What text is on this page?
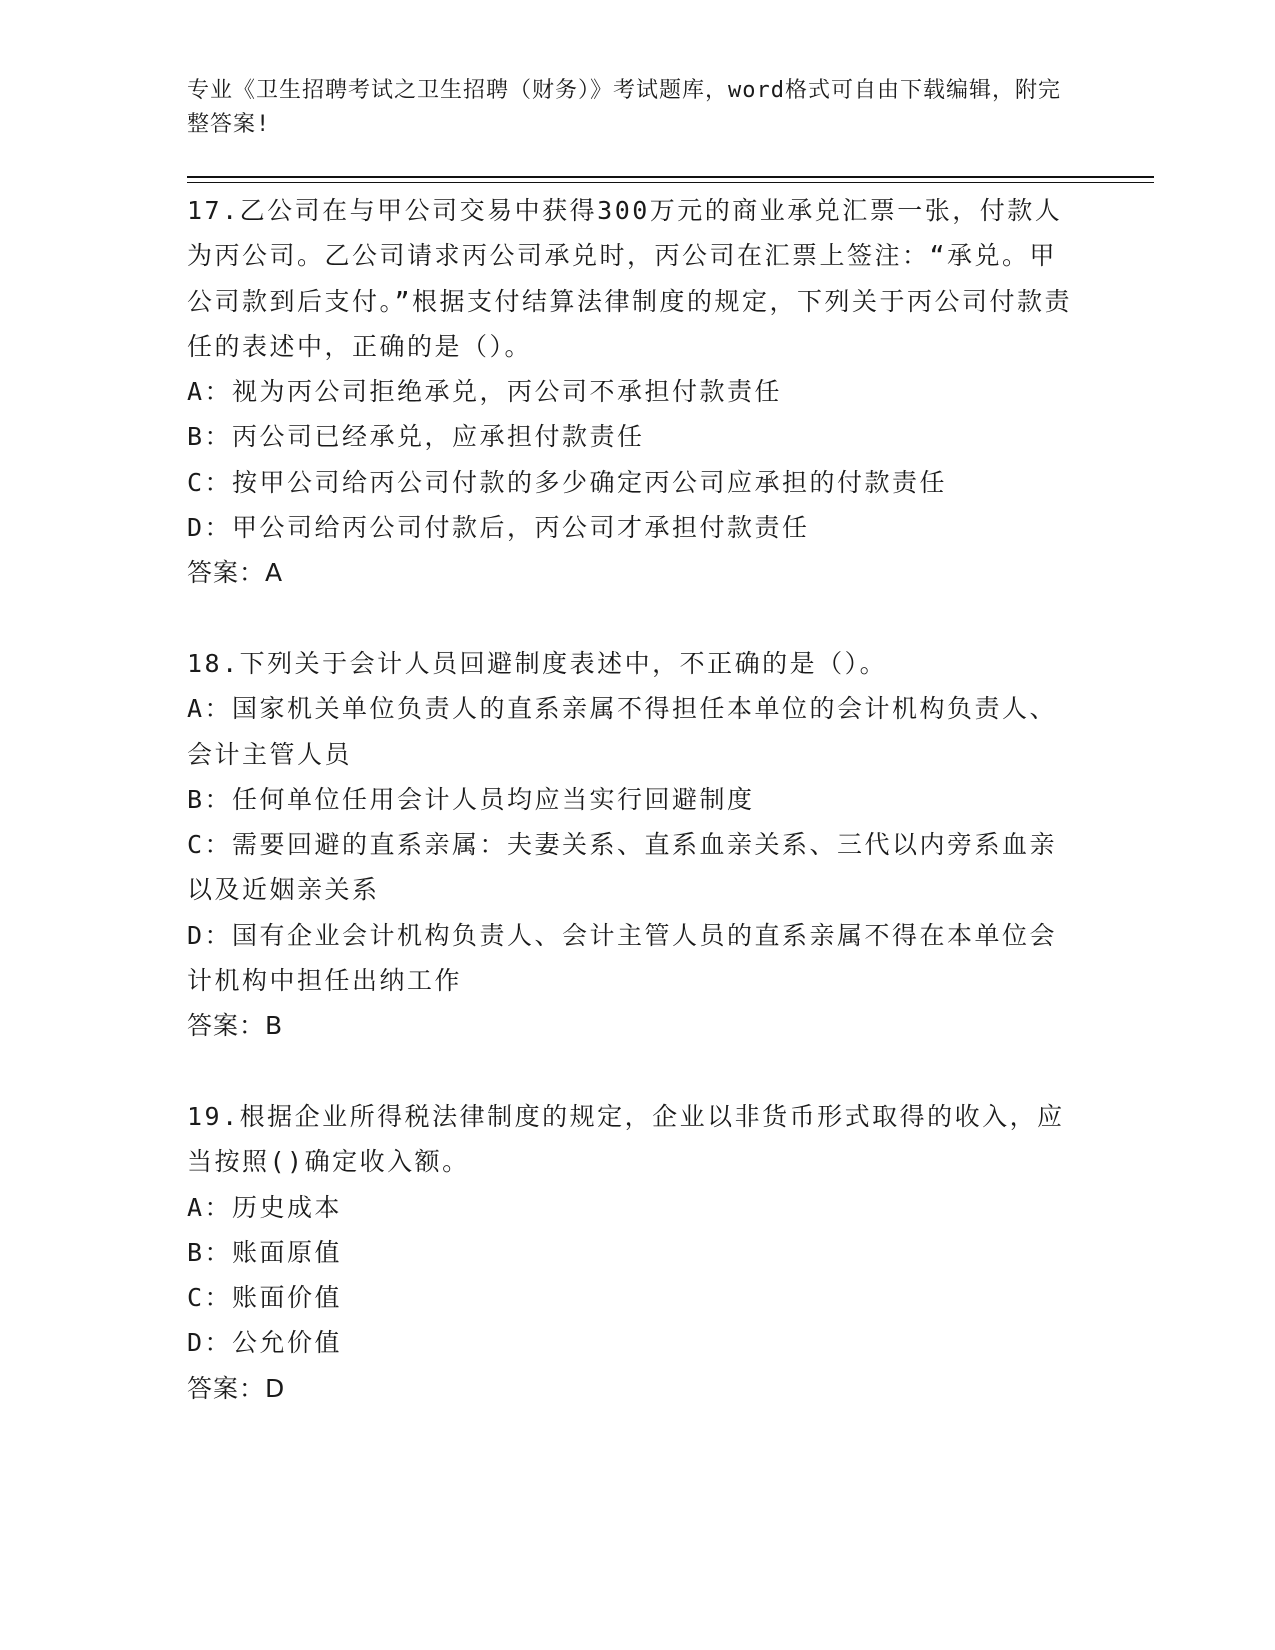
专业《卫生招聘考试之卫生招聘（财务）》考试题库，word格式可自由下载编辑，附完整答案!

17.乙公司在与甲公司交易中获得300万元的商业承兑汇票一张，付款人为丙公司。乙公司请求丙公司承兑时，丙公司在汇票上签注：“承兑。甲公司款到后支付。”根据支付结算法律制度的规定，下列关于丙公司付款责任的表述中，正确的是（）。

A：视为丙公司拒绝承兑，丙公司不承担付款责任

B：丙公司已经承兑，应承担付款责任

C：按甲公司给丙公司付款的多少确定丙公司应承担的付款责任

D：甲公司给丙公司付款后，丙公司才承担付款责任

答案：A

18.下列关于会计人员回避制度表述中，不正确的是（）。

A：国家机关单位负责人的直系亲属不得担任本单位的会计机构负责人、会计主管人员

B：任何单位任用会计人员均应当实行回避制度

C：需要回避的直系亲属：夫妻关系、直系血亲关系、三代以内旁系血亲以及近姻亲关系

D：国有企业会计机构负责人、会计主管人员的直系亲属不得在本单位会计机构中担任出纳工作

答案：B

19.根据企业所得税法律制度的规定，企业以非货币形式取得的收入，应当按照()确定收入额。

A：历史成本

B：账面原值

C：账面价值

D：公允价值

答案：D
